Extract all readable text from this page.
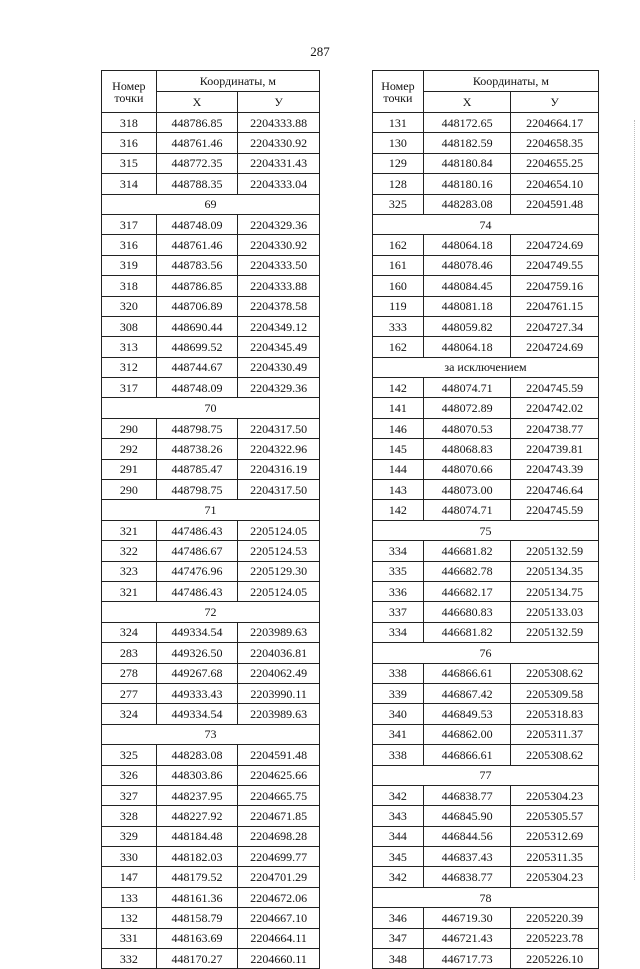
287
Номер
точки	Координаты, м	
	X	У
318	448786.85	2204333.88
316	448761.46	2204330.92
315	448772.35	2204331.43
314	448788.35	2204333.04
69		
317	448748.09	2204329.36
316	448761.46	2204330.92
319	448783.56	2204333.50
318	448786.85	2204333.88
320	448706.89	2204378.58
308	448690.44	2204349.12
313	448699.52	2204345.49
312	448744.67	2204330.49
317	448748.09	2204329.36
70		
290	448798.75	2204317.50
292	448738.26	2204322.96
291	448785.47	2204316.19
290	448798.75	2204317.50
71		
321	447486.43	2205124.05
322	447486.67	2205124.53
323	447476.96	2205129.30
321	447486.43	2205124.05
72		
324	449334.54	2203989.63
283	449326.50	2204036.81
278	449267.68	2204062.49
277	449333.43	2203990.11
324	449334.54	2203989.63
73		
325	448283.08	2204591.48
326	448303.86	2204625.66
327	448237.95	2204665.75
328	448227.92	2204671.85
329	448184.48	2204698.28
330	448182.03	2204699.77
147	448179.52	2204701.29
133	448161.36	2204672.06
132	448158.79	2204667.10
331	448163.69	2204664.11
332	448170.27	2204660.11
Номер
точки	Координаты, м	
	X	У
131	448172.65	2204664.17
130	448182.59	2204658.35
129	448180.84	2204655.25
128	448180.16	2204654.10
325	448283.08	2204591.48
74		
162	448064.18	2204724.69
161	448078.46	2204749.55
160	448084.45	2204759.16
119	448081.18	2204761.15
333	448059.82	2204727.34
162	448064.18	2204724.69
за исключением		
142	448074.71	2204745.59
141	448072.89	2204742.02
146	448070.53	2204738.77
145	448068.83	2204739.81
144	448070.66	2204743.39
143	448073.00	2204746.64
142	448074.71	2204745.59
75		
334	446681.82	2205132.59
335	446682.78	2205134.35
336	446682.17	2205134.75
337	446680.83	2205133.03
334	446681.82	2205132.59
76		
338	446866.61	2205308.62
339	446867.42	2205309.58
340	446849.53	2205318.83
341	446862.00	2205311.37
338	446866.61	2205308.62
77		
342	446838.77	2205304.23
343	446845.90	2205305.57
344	446844.56	2205312.69
345	446837.43	2205311.35
342	446838.77	2205304.23
78		
346	446719.30	2205220.39
347	446721.43	2205223.78
348	446717.73	2205226.10
